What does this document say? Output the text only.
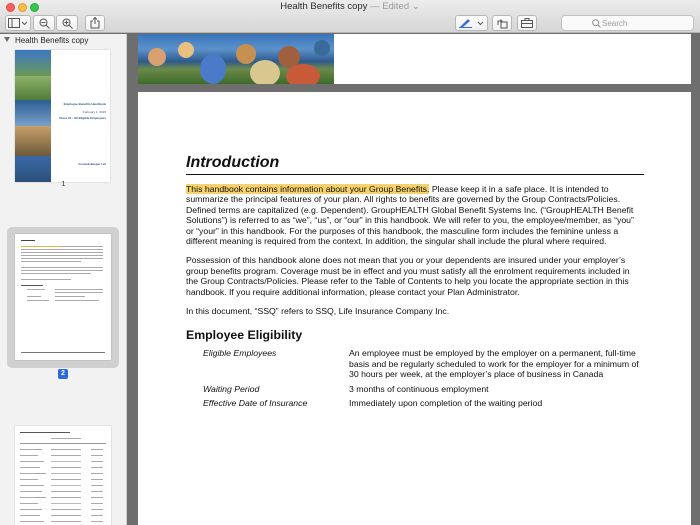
Health Benefits copy — Edited ⌄
Search
Health Benefits copy
Employee Benefits Handbook
February 1, 2015
Class 01 - All Eligible Employees
Groundskeeper Ltd
1
2
Introduction
This handbook contains information about your Group Benefits. Please keep it in a safe place. It is intended to summarize the principal features of your plan. All rights to benefits are governed by the Group Contracts/Policies. Defined terms are capitalized (e.g. Dependent). GroupHEALTH Global Benefit Systems Inc. (“GroupHEALTH Benefit Solutions”) is referred to as “we”, “us”, or “our” in this handbook. We will refer to you, the employee/member, as “you” or “your” in this handbook. For the purposes of this handbook, the masculine form includes the feminine unless a different meaning is required from the context. In addition, the singular shall include the plural where required.
Possession of this handbook alone does not mean that you or your dependents are insured under your employer’s group benefits program. Coverage must be in effect and you must satisfy all the enrolment requirements included in the Group Contracts/Policies. Please refer to the Table of Contents to help you locate the appropriate section in this handbook. If you require additional information, please contact your Plan Administrator.
In this document, “SSQ” refers to SSQ, Life Insurance Company Inc.
Employee Eligibility
Eligible Employees	An employee must be employed by the employer on a permanent, full-time basis and be regularly scheduled to work for the employer for a minimum of 30 hours per week, at the employer’s place of business in Canada
Waiting Period	3 months of continuous employment
Effective Date of Insurance	Immediately upon completion of the waiting period
